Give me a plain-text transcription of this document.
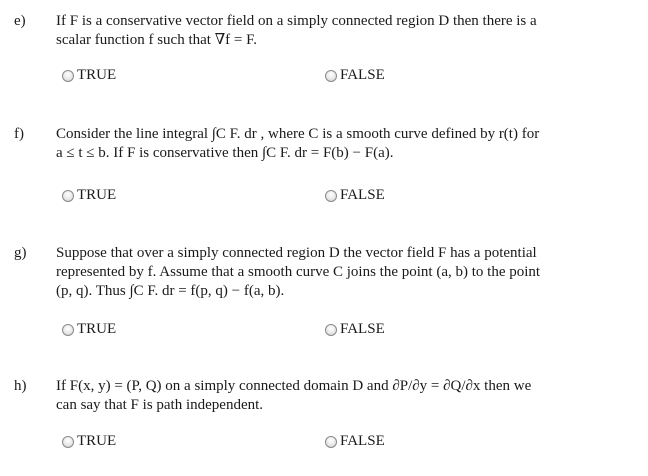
e) If F is a conservative vector field on a simply connected region D then there is a
scalar function f such that ∇f = F.
TRUE	FALSE
f) Consider the line integral ∫C F. dr , where C is a smooth curve defined by r(t) for
a ≤ t ≤ b. If F is conservative then ∫C F. dr = F(b) − F(a).
TRUE	FALSE
g) Suppose that over a simply connected region D the vector field F has a potential
represented by f. Assume that a smooth curve C joins the point (a, b) to the point
(p, q). Thus ∫C F. dr = f(p, q) − f(a, b).
TRUE	FALSE
h) If F(x, y) = (P, Q) on a simply connected domain D and ∂P/∂y = ∂Q/∂x then we
can say that F is path independent.
TRUE	FALSE
